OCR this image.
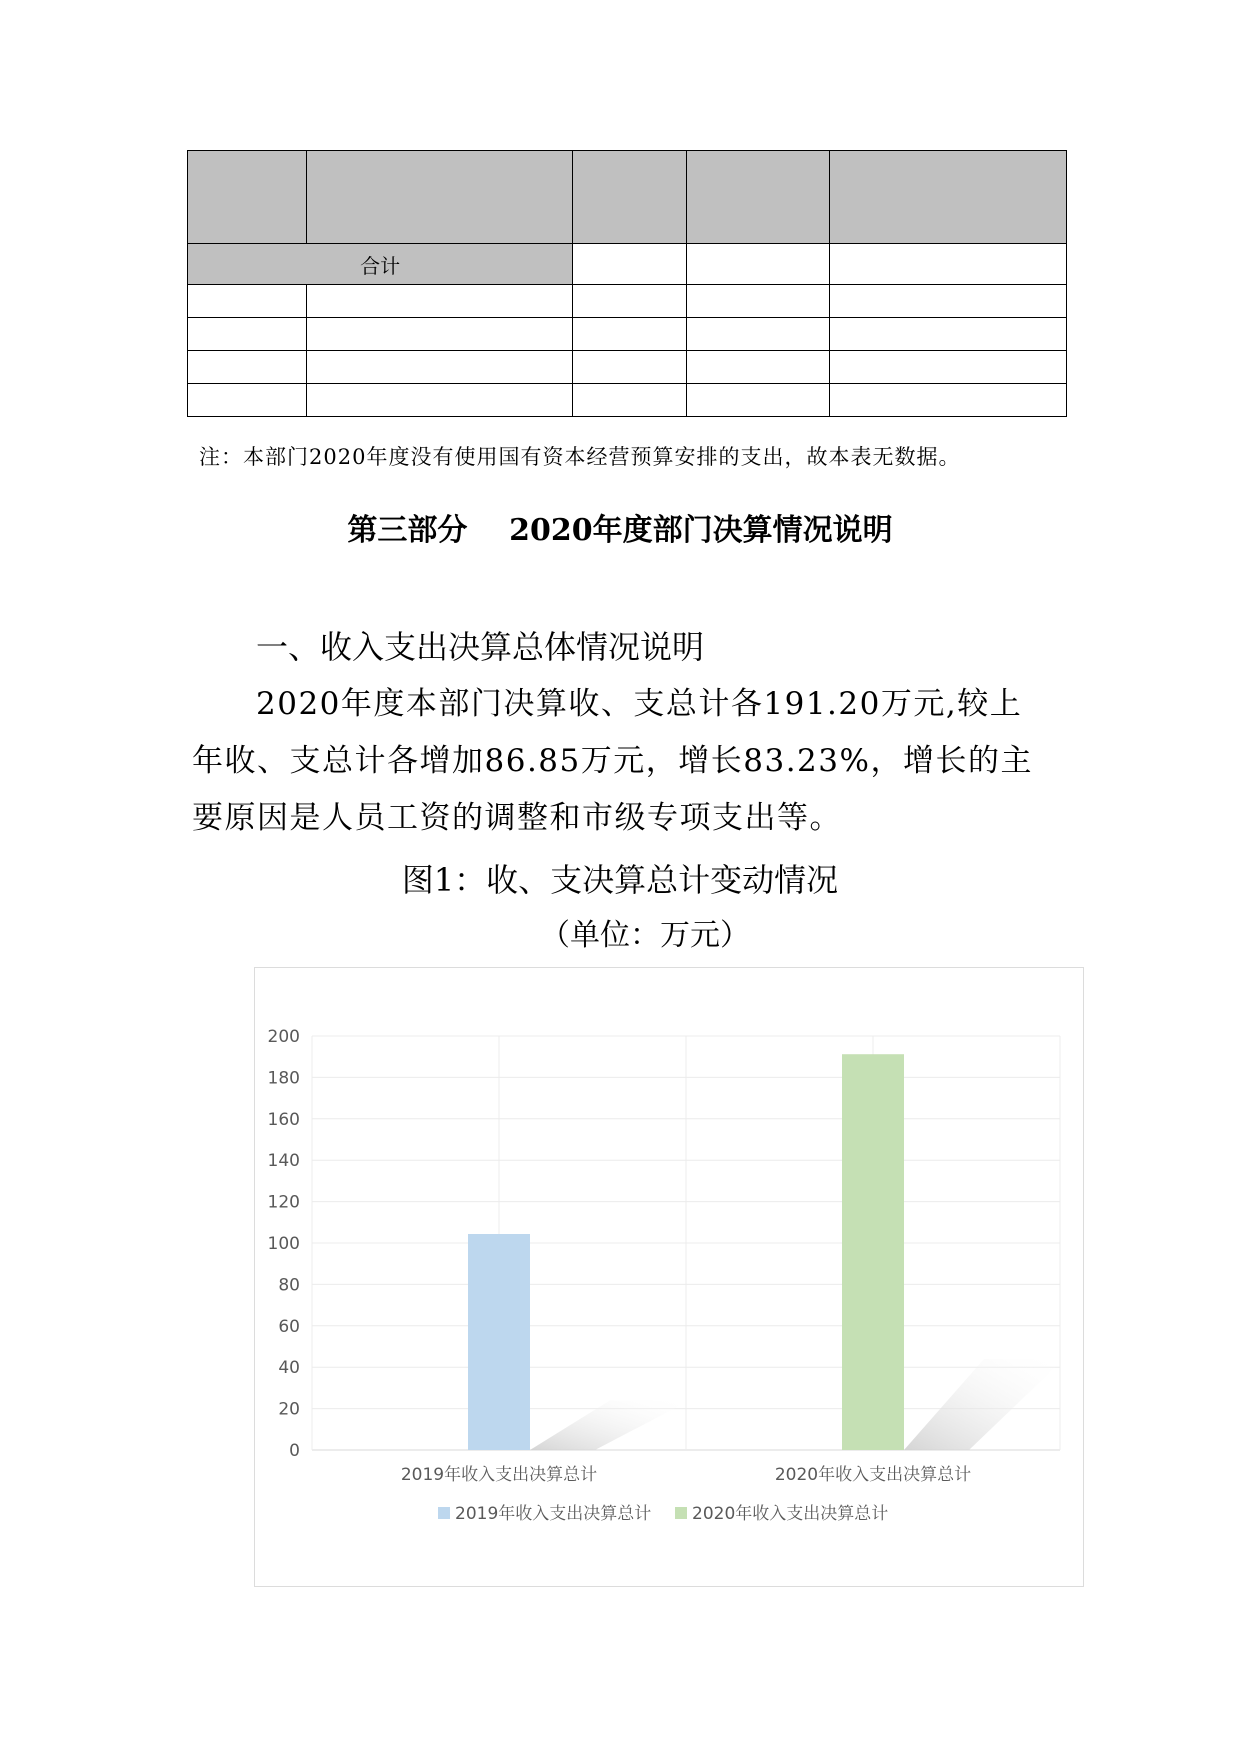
合计				

注：本部门2020年度没有使用国有资本经营预算安排的支出，故本表无数据。
第三部分    2020年度部门决算情况说明
一、收入支出决算总体情况说明

2020年度本部门决算收、支总计各191.20万元,较上年收、支总计各增加86.85万元，增长83.23%，增长的主要原因是人员工资的调整和市级专项支出等。

图1：收、支决算总计变动情况
（单位：万元）
0
20
40
60
80
100
120
140
160
180
200
2019年收入支出决算总计	2020年收入支出决算总计
2019年收入支出决算总计 2020年收入支出决算总计
